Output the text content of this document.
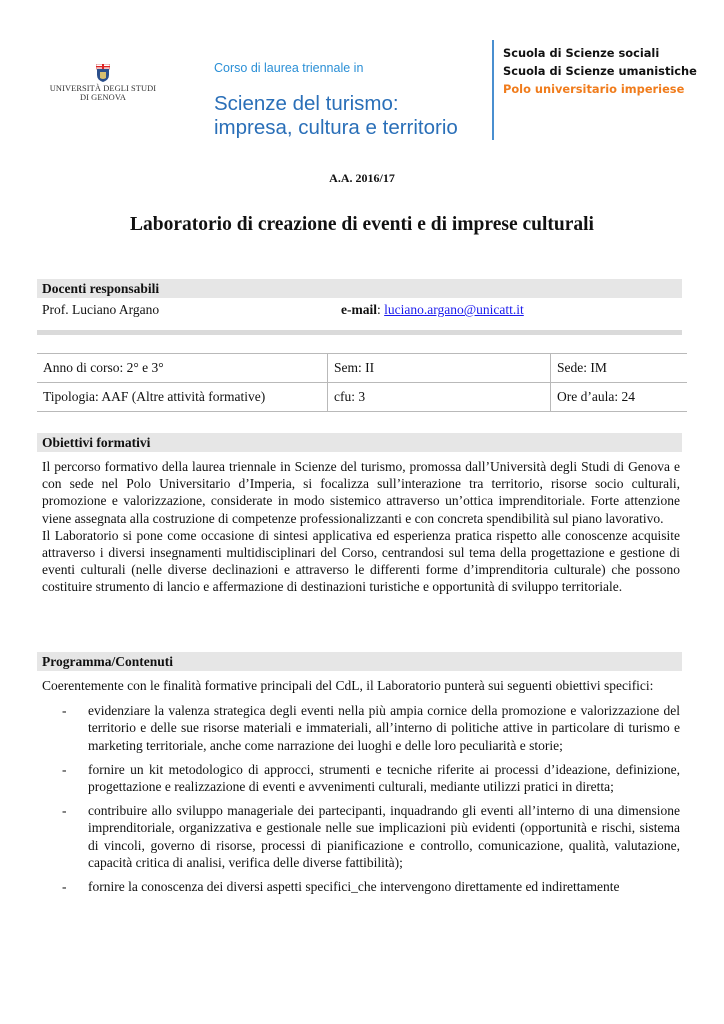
UNIVERSITÀ DEGLI STUDI
DI GENOVA
Corso di laurea triennale in
Scienze del turismo:
impresa, cultura e territorio
Scuola di Scienze sociali
Scuola di Scienze umanistiche
Polo universitario imperiese
A.A. 2016/17
Laboratorio di creazione di eventi e di imprese culturali
Docenti responsabili
Prof. Luciano Argano	e-mail: luciano.argano@unicatt.it
Anno di corso: 2° e 3°	Sem: II	Sede: IM
Tipologia: AAF (Altre attività formative)	cfu: 3	Ore d’aula: 24
Obiettivi formativi

Il percorso formativo della laurea triennale in Scienze del turismo, promossa dall’Università degli Studi di Genova e con sede nel Polo Universitario d’Imperia, si focalizza sull’interazione tra territorio, risorse socio culturali, promozione e valorizzazione, considerate in modo sistemico attraverso un’ottica imprenditoriale. Forte attenzione viene assegnata alla costruzione di competenze professionalizzanti e con concreta spendibilità sul piano lavorativo.

Il Laboratorio si pone come occasione di sintesi applicativa ed esperienza pratica rispetto alle conoscenze acquisite attraverso i diversi insegnamenti multidisciplinari del Corso, centrandosi sul tema della progettazione e gestione di eventi culturali (nelle diverse declinazioni e attraverso le differenti forme d’imprenditoria culturale) che possono costituire strumento di lancio e affermazione di destinazioni turistiche e opportunità di sviluppo territoriale.

Programma/Contenuti

Coerentemente con le finalità formative principali del CdL, il Laboratorio punterà sui seguenti obiettivi specifici:

- evidenziare la valenza strategica degli eventi nella più ampia cornice della promozione e valorizzazione del territorio e delle sue risorse materiali e immateriali, all’interno di politiche attive in particolare di turismo e marketing territoriale, anche come narrazione dei luoghi e delle loro peculiarità e storie;
- fornire un kit metodologico di approcci, strumenti e tecniche riferite ai processi d’ideazione, definizione, progettazione e realizzazione di eventi e avvenimenti culturali, mediante utilizzi pratici in diretta;
- contribuire allo sviluppo manageriale dei partecipanti, inquadrando gli eventi all’interno di una dimensione imprenditoriale, organizzativa e gestionale nelle sue implicazioni più evidenti (opportunità e rischi, sistema di vincoli, governo di risorse, processi di pianificazione e controllo, comunicazione, qualità, valutazione, capacità critica di analisi, verifica delle diverse fattibilità);
- fornire la conoscenza dei diversi aspetti specifici_che intervengono direttamente ed indirettamente
